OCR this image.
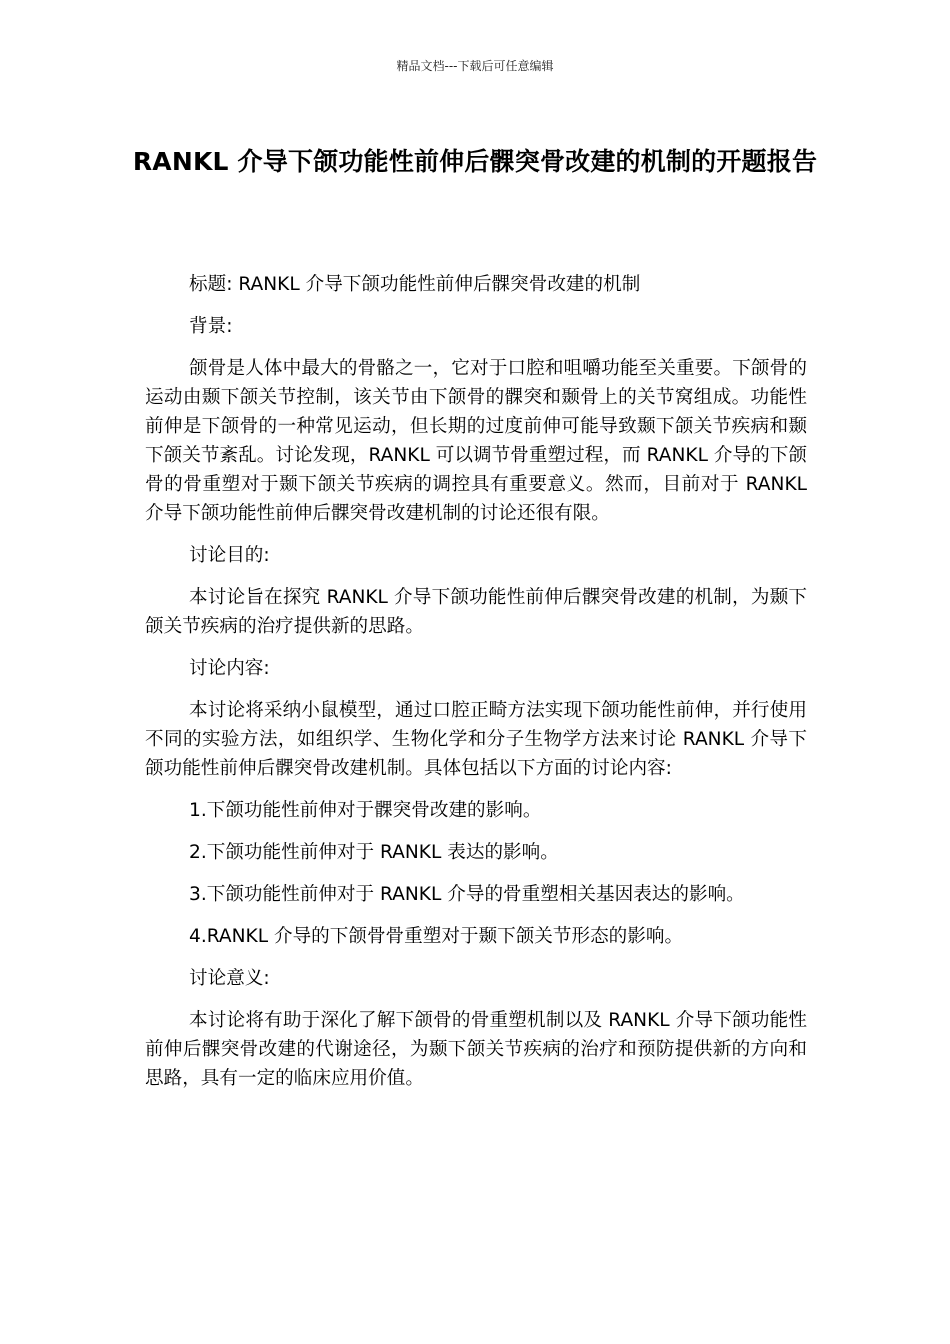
精品文档---下载后可任意编辑
RANKL 介导下颌功能性前伸后髁突骨改建的机制的开题报告

标题: RANKL 介导下颌功能性前伸后髁突骨改建的机制

背景:

颌骨是人体中最大的骨骼之一，它对于口腔和咀嚼功能至关重要。下颌骨的运动由颞下颌关节控制，该关节由下颌骨的髁突和颞骨上的关节窝组成。功能性前伸是下颌骨的一种常见运动，但长期的过度前伸可能导致颞下颌关节疾病和颞下颌关节紊乱。讨论发现，RANKL 可以调节骨重塑过程，而 RANKL 介导的下颌骨的骨重塑对于颞下颌关节疾病的调控具有重要意义。然而，目前对于 RANKL 介导下颌功能性前伸后髁突骨改建机制的讨论还很有限。

讨论目的:

本讨论旨在探究 RANKL 介导下颌功能性前伸后髁突骨改建的机制，为颞下颌关节疾病的治疗提供新的思路。

讨论内容:

本讨论将采纳小鼠模型，通过口腔正畸方法实现下颌功能性前伸，并行使用不同的实验方法，如组织学、生物化学和分子生物学方法来讨论 RANKL 介导下颌功能性前伸后髁突骨改建机制。具体包括以下方面的讨论内容:

1.下颌功能性前伸对于髁突骨改建的影响。

2.下颌功能性前伸对于 RANKL 表达的影响。

3.下颌功能性前伸对于 RANKL 介导的骨重塑相关基因表达的影响。

4.RANKL 介导的下颌骨骨重塑对于颞下颌关节形态的影响。

讨论意义:

本讨论将有助于深化了解下颌骨的骨重塑机制以及 RANKL 介导下颌功能性前伸后髁突骨改建的代谢途径，为颞下颌关节疾病的治疗和预防提供新的方向和思路，具有一定的临床应用价值。
